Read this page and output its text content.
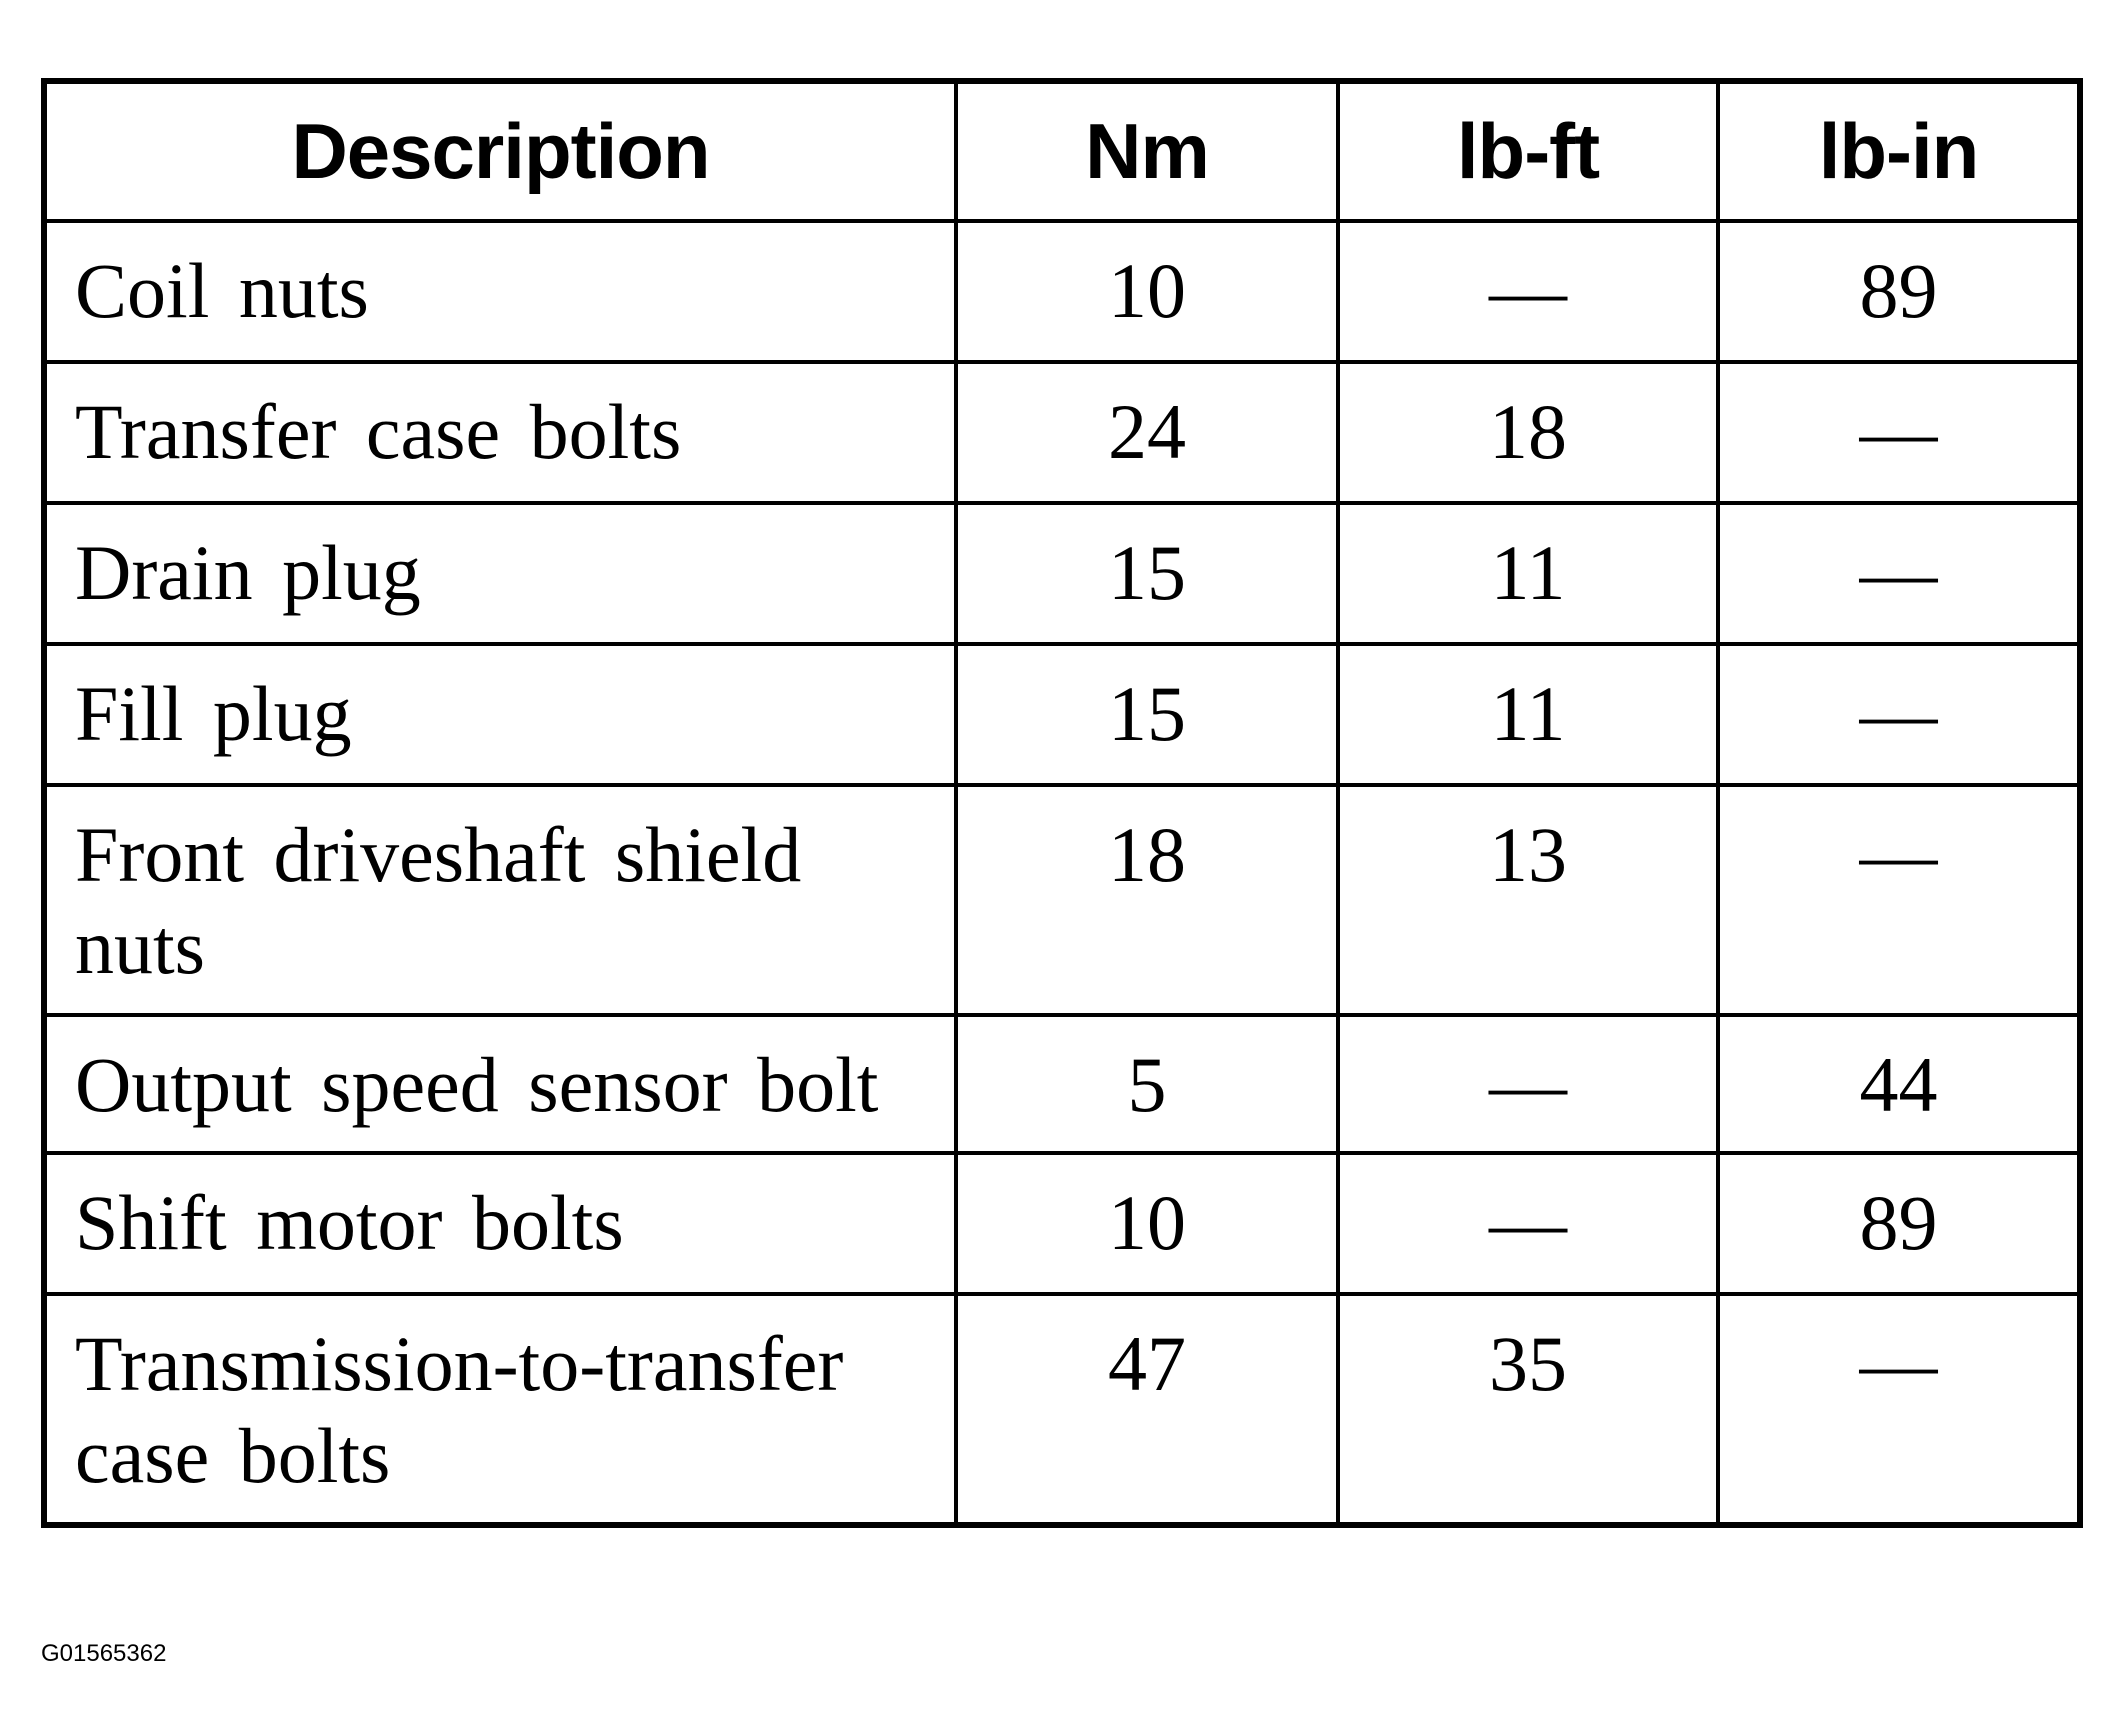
Description	Nm	lb-ft	lb-in
Coil nuts	10	—	89
Transfer case bolts	24	18	—
Drain plug	15	11	—
Fill plug	15	11	—
Front driveshaft shield nuts	18	13	—
Output speed sensor bolt	5	—	44
Shift motor bolts	10	—	89
Transmission-to-transfer case bolts	47	35	—
G01565362
